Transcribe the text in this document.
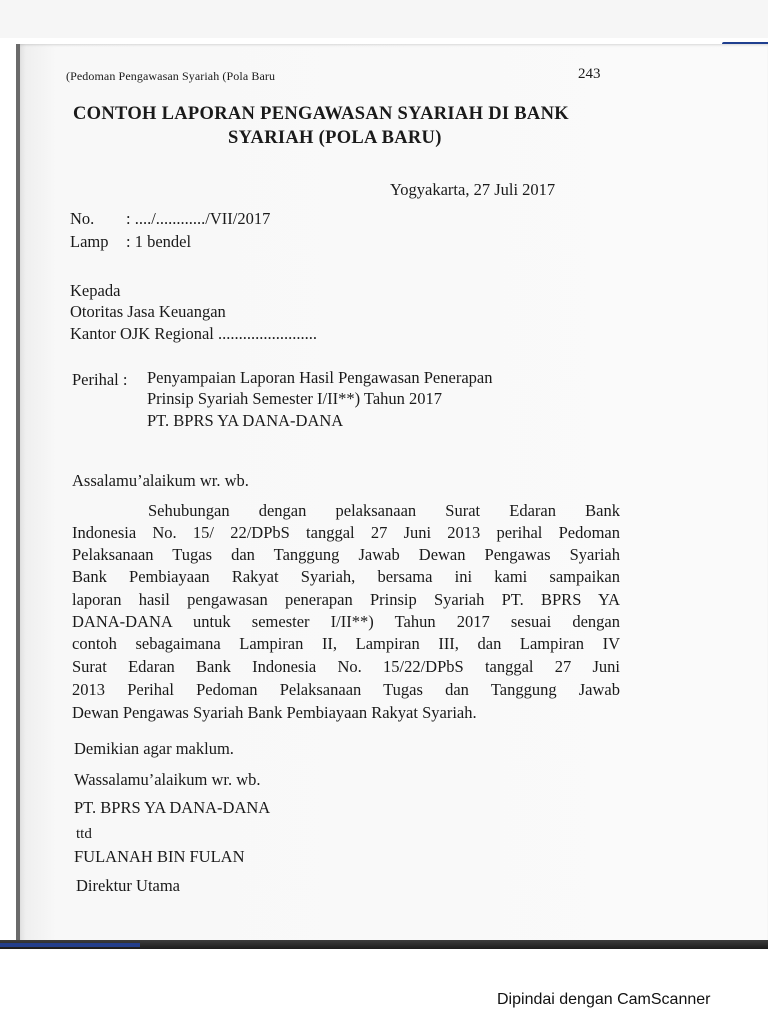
(Pedoman Pengawasan Syariah (Pola Baru	243
CONTOH LAPORAN PENGAWASAN SYARIAH DI BANK
SYARIAH (POLA BARU)
Yogyakarta, 27 Juli 2017
No. : ..../............/VII/2017
Lamp : 1 bendel
Kepada
Otoritas Jasa Keuangan
Kantor OJK Regional ........................
Perihal : Penyampaian Laporan Hasil Pengawasan Penerapan
Prinsip Syariah Semester I/II**) Tahun 2017
PT. BPRS YA DANA-DANA
Assalamu’alaikum wr. wb.
Sehubungan dengan pelaksanaan Surat Edaran Bank
Indonesia No. 15/ 22/DPbS tanggal 27 Juni 2013 perihal Pedoman
Pelaksanaan Tugas dan Tanggung Jawab Dewan Pengawas Syariah
Bank Pembiayaan Rakyat Syariah, bersama ini kami sampaikan
laporan hasil pengawasan penerapan Prinsip Syariah PT. BPRS YA
DANA-DANA untuk semester I/II**) Tahun 2017 sesuai dengan
contoh sebagaimana Lampiran II, Lampiran III, dan Lampiran IV
Surat Edaran Bank Indonesia No. 15/22/DPbS tanggal 27 Juni
2013 Perihal Pedoman Pelaksanaan Tugas dan Tanggung Jawab
Dewan Pengawas Syariah Bank Pembiayaan Rakyat Syariah.
Demikian agar maklum.
Wassalamu’alaikum wr. wb.
PT. BPRS YA DANA-DANA
ttd
FULANAH BIN FULAN
Direktur Utama
Dipindai dengan CamScanner
